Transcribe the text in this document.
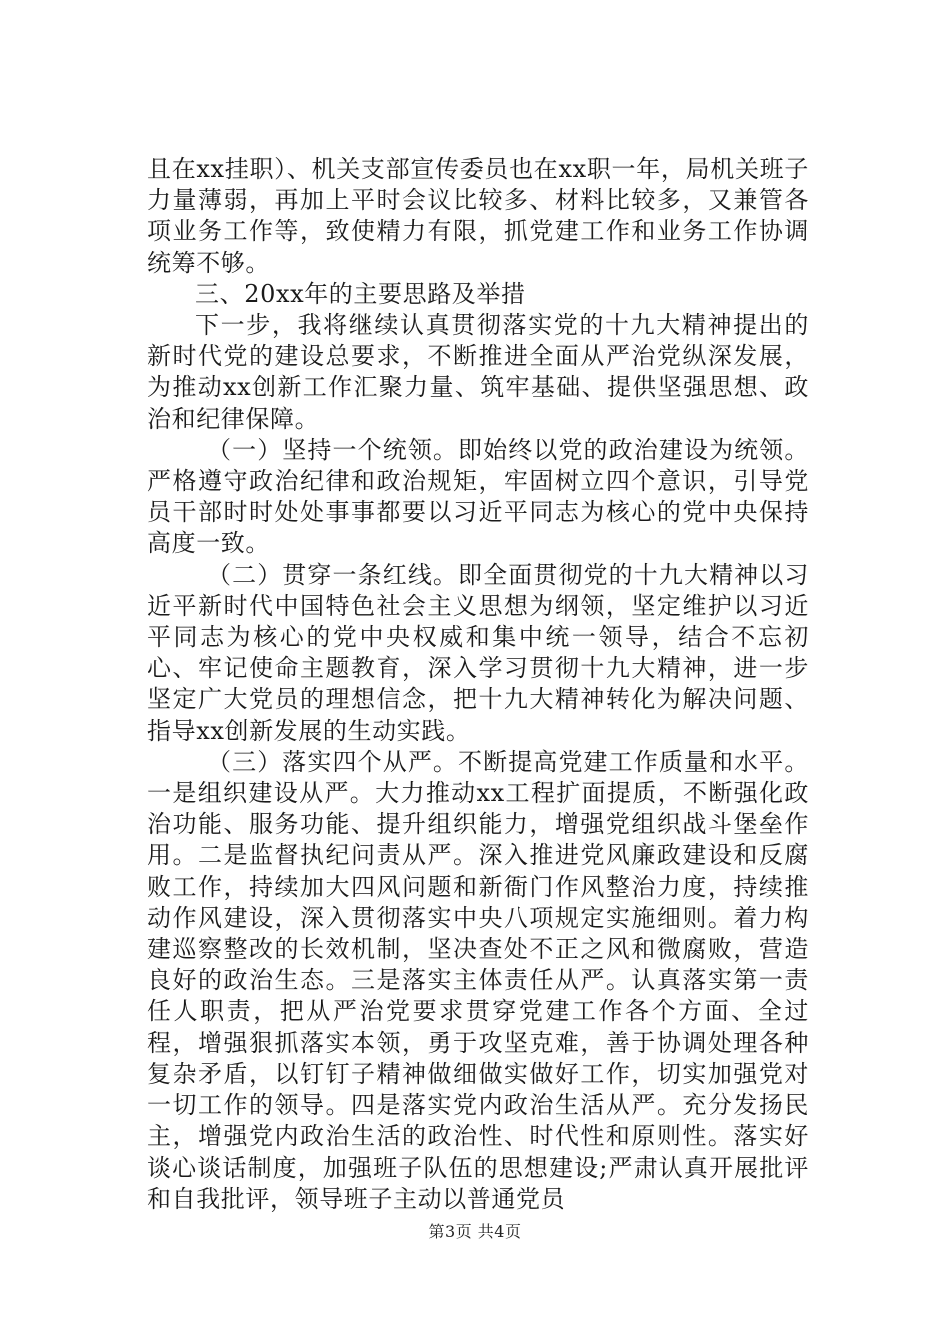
且在xx挂职）、机关支部宣传委员也在xx职一年，局机关班子力量薄弱，再加上平时会议比较多、材料比较多，又兼管各项业务工作等，致使精力有限，抓党建工作和业务工作协调统筹不够。

三、20xx年的主要思路及举措

下一步，我将继续认真贯彻落实党的十九大精神提出的新时代党的建设总要求，不断推进全面从严治党纵深发展，为推动xx创新工作汇聚力量、筑牢基础、提供坚强思想、政治和纪律保障。

（一）坚持一个统领。即始终以党的政治建设为统领。严格遵守政治纪律和政治规矩，牢固树立四个意识，引导党员干部时时处处事事都要以习近平同志为核心的党中央保持高度一致。

（二）贯穿一条红线。即全面贯彻党的十九大精神以习近平新时代中国特色社会主义思想为纲领，坚定维护以习近平同志为核心的党中央权威和集中统一领导，结合不忘初心、牢记使命主题教育，深入学习贯彻十九大精神，进一步坚定广大党员的理想信念，把十九大精神转化为解决问题、指导xx创新发展的生动实践。

（三）落实四个从严。不断提高党建工作质量和水平。一是组织建设从严。大力推动xx工程扩面提质，不断强化政治功能、服务功能、提升组织能力，增强党组织战斗堡垒作用。二是监督执纪问责从严。深入推进党风廉政建设和反腐败工作，持续加大四风问题和新衙门作风整治力度，持续推动作风建设，深入贯彻落实中央八项规定实施细则。着力构建巡察整改的长效机制，坚决查处不正之风和微腐败，营造良好的政治生态。三是落实主体责任从严。认真落实第一责任人职责，把从严治党要求贯穿党建工作各个方面、全过程，增强狠抓落实本领，勇于攻坚克难，善于协调处理各种复杂矛盾，以钉钉子精神做细做实做好工作，切实加强党对一切工作的领导。四是落实党内政治生活从严。充分发扬民主，增强党内政治生活的政治性、时代性和原则性。落实好谈心谈话制度，加强班子队伍的思想建设;严肃认真开展批评和自我批评，领导班子主动以普通党员

第3页 共4页
